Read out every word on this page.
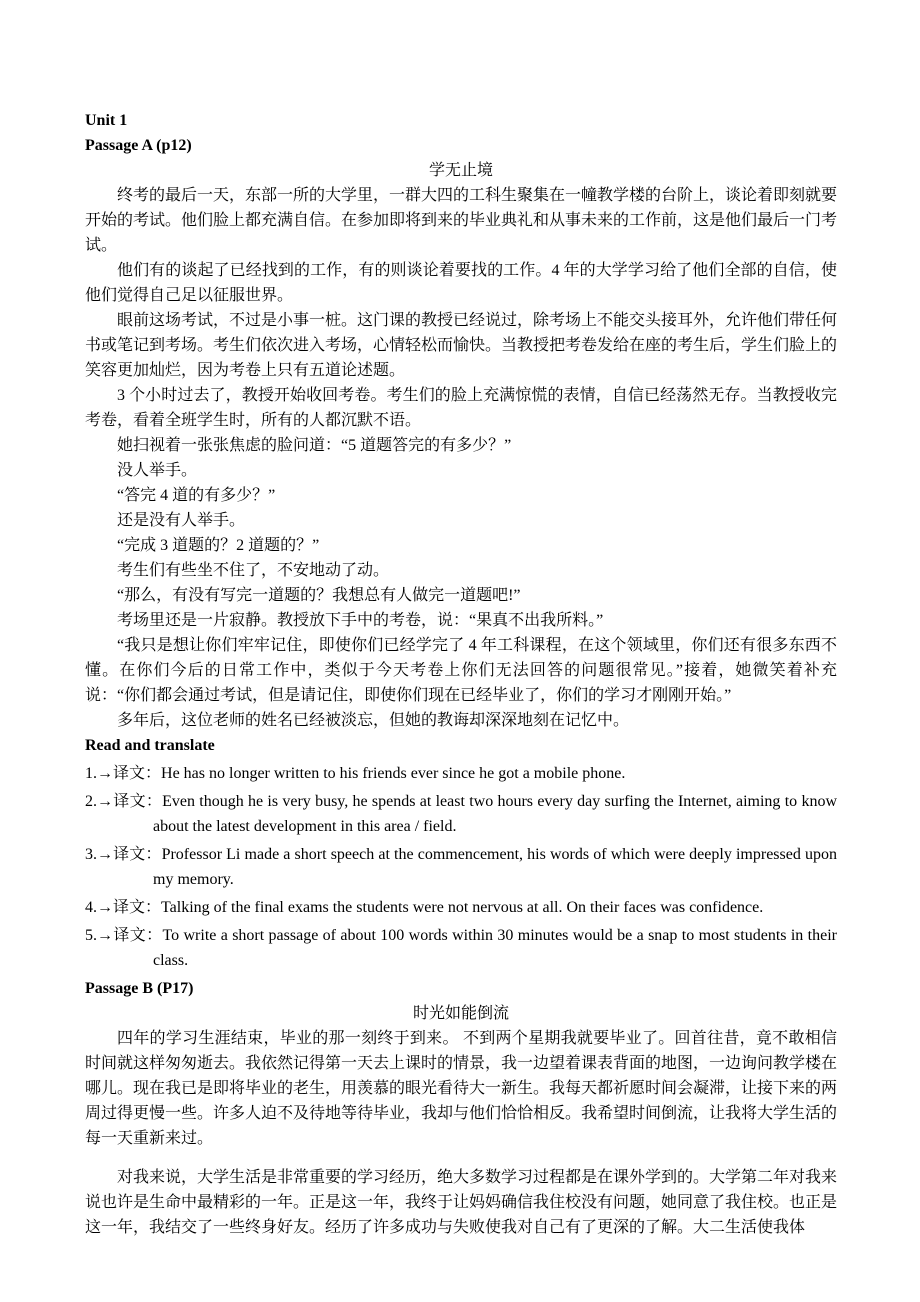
Unit 1
Passage A (p12)
学无止境

终考的最后一天，东部一所的大学里，一群大四的工科生聚集在一幢教学楼的台阶上，谈论着即刻就要开始的考试。他们脸上都充满自信。在参加即将到来的毕业典礼和从事未来的工作前，这是他们最后一门考试。

他们有的谈起了已经找到的工作，有的则谈论着要找的工作。4 年的大学学习给了他们全部的自信，使他们觉得自己足以征服世界。

眼前这场考试，不过是小事一桩。这门课的教授已经说过，除考场上不能交头接耳外，允许他们带任何书或笔记到考场。考生们依次进入考场，心情轻松而愉快。当教授把考卷发给在座的考生后，学生们脸上的笑容更加灿烂，因为考卷上只有五道论述题。

3 个小时过去了，教授开始收回考卷。考生们的脸上充满惊慌的表情，自信已经荡然无存。当教授收完考卷，看着全班学生时，所有的人都沉默不语。

她扫视着一张张焦虑的脸问道：“5 道题答完的有多少？”

没人举手。

“答完 4 道的有多少？”

还是没有人举手。

“完成 3 道题的？2 道题的？”

考生们有些坐不住了，不安地动了动。

“那么，有没有写完一道题的？我想总有人做完一道题吧!”

考场里还是一片寂静。教授放下手中的考卷，说：“果真不出我所料。”

“我只是想让你们牢牢记住，即使你们已经学完了 4 年工科课程，在这个领域里，你们还有很多东西不懂。在你们今后的日常工作中，类似于今天考卷上你们无法回答的问题很常见。”接着，她微笑着补充说：“你们都会通过考试，但是请记住，即使你们现在已经毕业了，你们的学习才刚刚开始。”

多年后，这位老师的姓名已经被淡忘，但她的教诲却深深地刻在记忆中。

Read and translate
1.→译文：He has no longer written to his friends ever since he got a mobile phone.
2.→译文：Even though he is very busy, he spends at least two hours every day surfing the Internet, aiming to know about the latest development in this area / field.
3.→译文：Professor Li made a short speech at the commencement, his words of which were deeply impressed upon my memory.
4.→译文：Talking of the final exams the students were not nervous at all. On their faces was confidence.
5.→译文：To write a short passage of about 100 words within 30 minutes would be a snap to most students in their class.
Passage B (P17)
时光如能倒流

四年的学习生涯结束，毕业的那一刻终于到来。 不到两个星期我就要毕业了。回首往昔，竟不敢相信时间就这样匆匆逝去。我依然记得第一天去上课时的情景，我一边望着课表背面的地图，一边询问教学楼在哪儿。现在我已是即将毕业的老生，用羡慕的眼光看待大一新生。我每天都祈愿时间会凝滞，让接下来的两周过得更慢一些。许多人迫不及待地等待毕业，我却与他们恰恰相反。我希望时间倒流，让我将大学生活的每一天重新来过。

对我来说，大学生活是非常重要的学习经历，绝大多数学习过程都是在课外学到的。大学第二年对我来说也许是生命中最精彩的一年。正是这一年，我终于让妈妈确信我住校没有问题，她同意了我住校。也正是这一年，我结交了一些终身好友。经历了许多成功与失败使我对自己有了更深的了解。大二生活使我体
